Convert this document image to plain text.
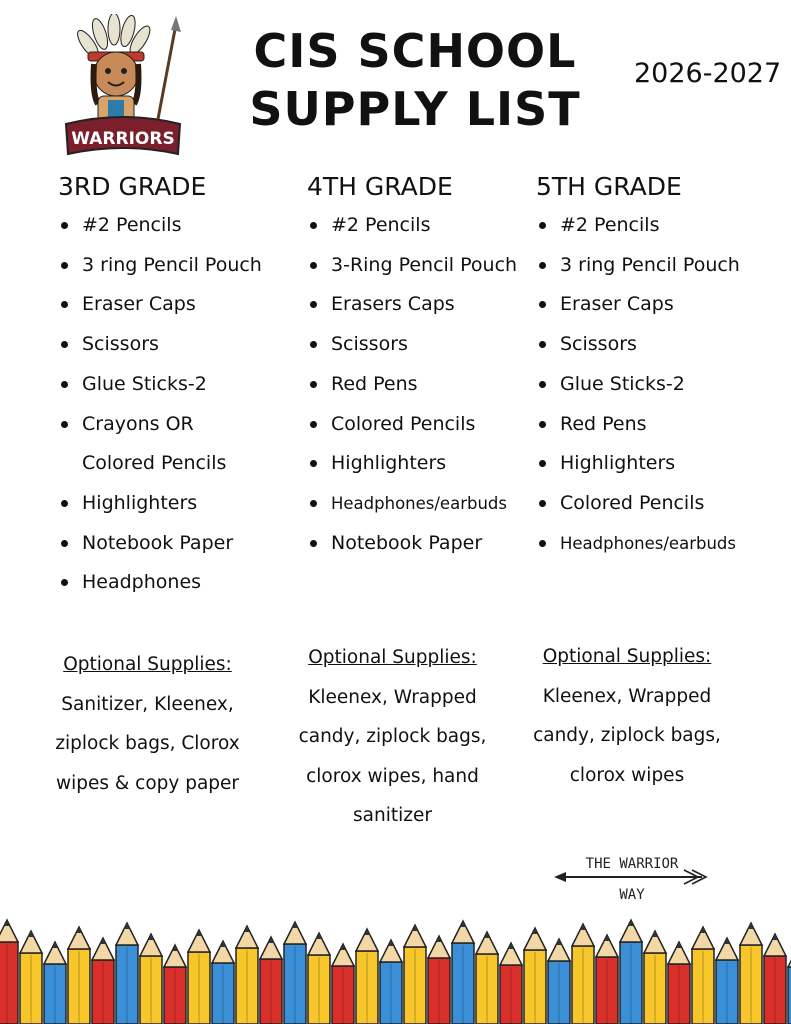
WARRIORS
CIS SCHOOL
SUPPLY LIST
2026-2027
3RD GRADE
#2 Pencils
3 ring Pencil Pouch
Eraser Caps
Scissors
Glue Sticks-2
Crayons OR
Colored Pencils
Highlighters
Notebook Paper
Headphones
4TH GRADE
#2 Pencils
3-Ring Pencil Pouch
Erasers Caps
Scissors
Red Pens
Colored Pencils
Highlighters
Headphones/earbuds
Notebook Paper
5TH GRADE
#2 Pencils
3 ring Pencil Pouch
Eraser Caps
Scissors
Glue Sticks-2
Red Pens
Highlighters
Colored Pencils
Headphones/earbuds
Optional Supplies:
Sanitizer, Kleenex,
ziplock bags, Clorox
wipes & copy paper
Optional Supplies:
Kleenex, Wrapped
candy, ziplock bags,
clorox wipes, hand
sanitizer
Optional Supplies:
Kleenex, Wrapped
candy, ziplock bags,
clorox wipes
THE WARRIOR
WAY
